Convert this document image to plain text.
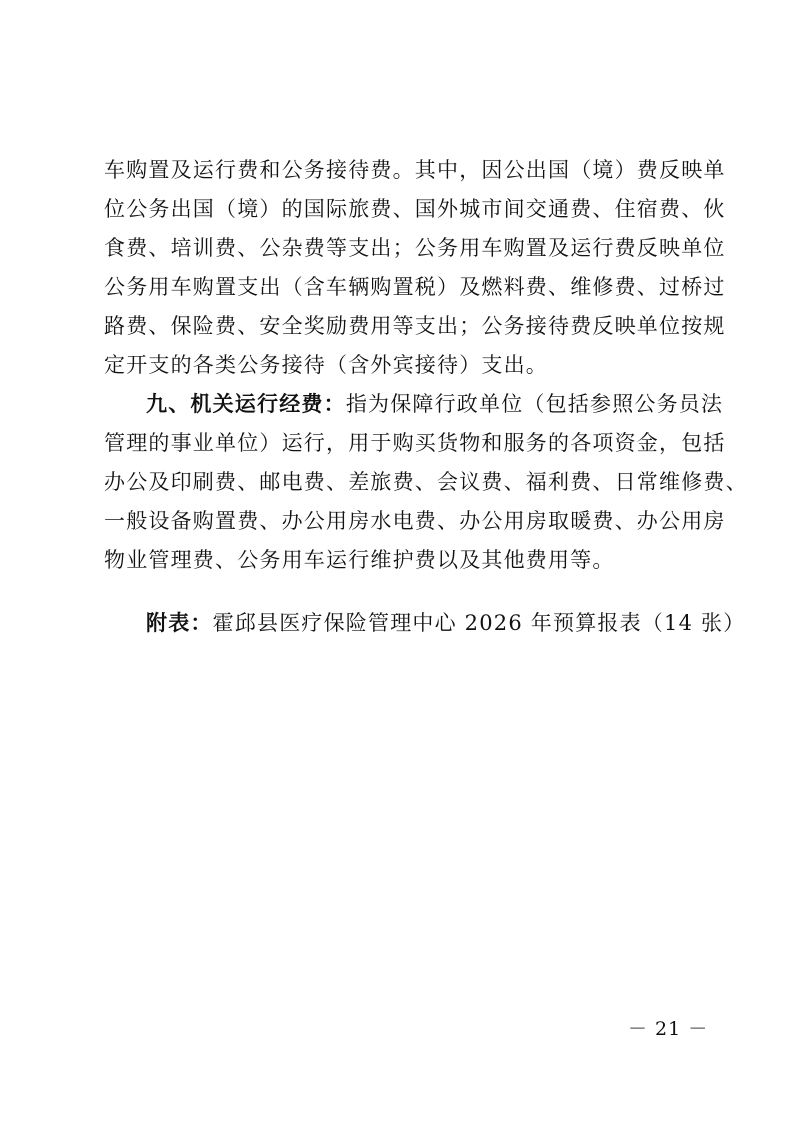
车购置及运行费和公务接待费。其中，因公出国（境）费反映单
位公务出国（境）的国际旅费、国外城市间交通费、住宿费、伙
食费、培训费、公杂费等支出；公务用车购置及运行费反映单位
公务用车购置支出（含车辆购置税）及燃料费、维修费、过桥过
路费、保险费、安全奖励费用等支出；公务接待费反映单位按规
定开支的各类公务接待（含外宾接待）支出。
九、机关运行经费：指为保障行政单位（包括参照公务员法
管理的事业单位）运行，用于购买货物和服务的各项资金，包括
办公及印刷费、邮电费、差旅费、会议费、福利费、日常维修费、
一般设备购置费、办公用房水电费、办公用房取暖费、办公用房
物业管理费、公务用车运行维护费以及其他费用等。
附表：霍邱县医疗保险管理中心 2026 年预算报表（14 张）
－ 21 －
